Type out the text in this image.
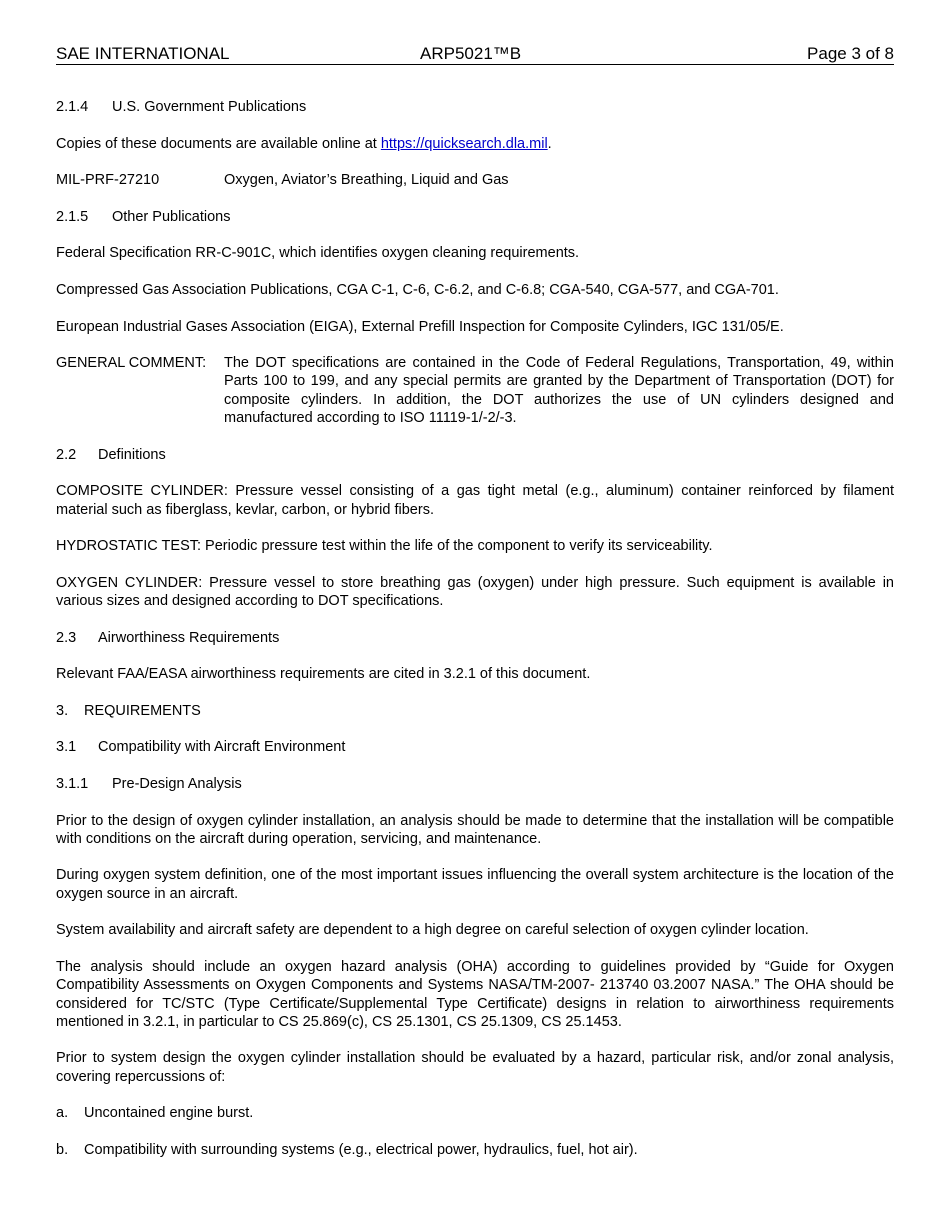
SAE INTERNATIONAL	ARP5021™B	Page 3 of 8

2.1.4 U.S. Government Publications

Copies of these documents are available online at https://quicksearch.dla.mil.

MIL-PRF-27210	Oxygen, Aviator’s Breathing, Liquid and Gas

2.1.5 Other Publications

Federal Specification RR-C-901C, which identifies oxygen cleaning requirements.

Compressed Gas Association Publications, CGA C-1, C-6, C-6.2, and C-6.8; CGA-540, CGA-577, and CGA-701.

European Industrial Gases Association (EIGA), External Prefill Inspection for Composite Cylinders, IGC 131/05/E.

GENERAL COMMENT:	The DOT specifications are contained in the Code of Federal Regulations, Transportation, 49, within Parts 100 to 199, and any special permits are granted by the Department of Transportation (DOT) for composite cylinders. In addition, the DOT authorizes the use of UN cylinders designed and manufactured according to ISO 11119-1/-2/-3.

2.2 Definitions

COMPOSITE CYLINDER: Pressure vessel consisting of a gas tight metal (e.g., aluminum) container reinforced by filament material such as fiberglass, kevlar, carbon, or hybrid fibers.

HYDROSTATIC TEST: Periodic pressure test within the life of the component to verify its serviceability.

OXYGEN CYLINDER: Pressure vessel to store breathing gas (oxygen) under high pressure. Such equipment is available in various sizes and designed according to DOT specifications.

2.3 Airworthiness Requirements

Relevant FAA/EASA airworthiness requirements are cited in 3.2.1 of this document.

3. REQUIREMENTS

3.1 Compatibility with Aircraft Environment

3.1.1 Pre-Design Analysis

Prior to the design of oxygen cylinder installation, an analysis should be made to determine that the installation will be compatible with conditions on the aircraft during operation, servicing, and maintenance.

During oxygen system definition, one of the most important issues influencing the overall system architecture is the location of the oxygen source in an aircraft.

System availability and aircraft safety are dependent to a high degree on careful selection of oxygen cylinder location.

The analysis should include an oxygen hazard analysis (OHA) according to guidelines provided by “Guide for Oxygen Compatibility Assessments on Oxygen Components and Systems NASA/TM-2007- 213740 03.2007 NASA.” The OHA should be considered for TC/STC (Type Certificate/Supplemental Type Certificate) designs in relation to airworthiness requirements mentioned in 3.2.1, in particular to CS 25.869(c), CS 25.1301, CS 25.1309, CS 25.1453.

Prior to system design the oxygen cylinder installation should be evaluated by a hazard, particular risk, and/or zonal analysis, covering repercussions of:

a. Uncontained engine burst.
b. Compatibility with surrounding systems (e.g., electrical power, hydraulics, fuel, hot air).
